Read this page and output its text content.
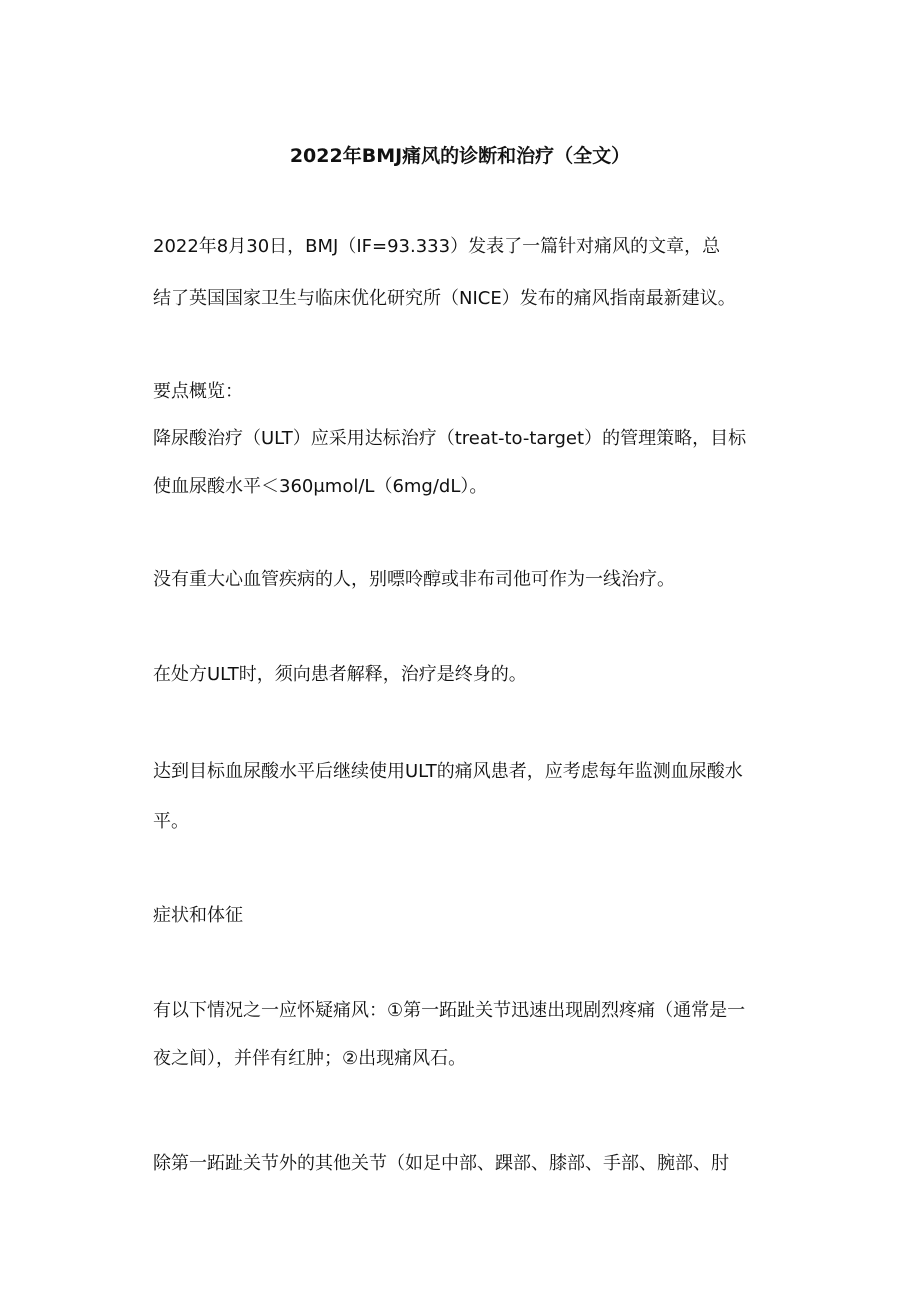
2022年BMJ痛风的诊断和治疗（全文）
2022年8月30日，BMJ（IF=93.333）发表了一篇针对痛风的文章，总
结了英国国家卫生与临床优化研究所（NICE）发布的痛风指南最新建议。
要点概览：
降尿酸治疗（ULT）应采用达标治疗（treat-to-target）的管理策略，目标
使血尿酸水平＜360μmol/L（6mg/dL）。
没有重大心血管疾病的人，别嘌呤醇或非布司他可作为一线治疗。
在处方ULT时，须向患者解释，治疗是终身的。
达到目标血尿酸水平后继续使用ULT的痛风患者，应考虑每年监测血尿酸水
平。
症状和体征
有以下情况之一应怀疑痛风：①第一跖趾关节迅速出现剧烈疼痛（通常是一
夜之间），并伴有红肿；②出现痛风石。
除第一跖趾关节外的其他关节（如足中部、踝部、膝部、手部、腕部、肘
